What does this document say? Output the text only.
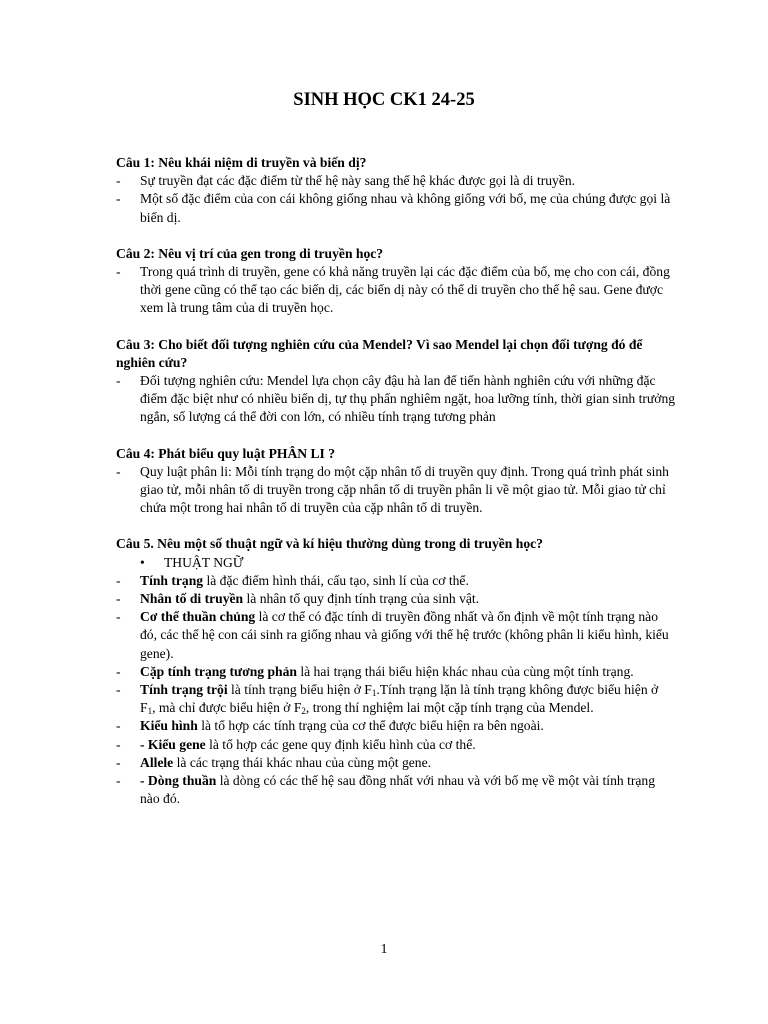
SINH HỌC CK1 24-25
Câu 1: Nêu khái niệm di truyền và biến dị?
- Sự truyền đạt các đặc điểm từ thế hệ này sang thế hệ khác được gọi là di truyền.
- Một số đặc điểm của con cái không giống nhau và không giống với bố, mẹ của chúng được gọi là biến dị.
Câu 2: Nêu vị trí của gen trong di truyền học?
- Trong quá trình di truyền, gene có khả năng truyền lại các đặc điểm của bố, mẹ cho con cái, đồng thời gene cũng có thể tạo các biến dị, các biến dị này có thể di truyền cho thế hệ sau. Gene được xem là trung tâm của di truyền học.
Câu 3: Cho biết đối tượng nghiên cứu của Mendel? Vì sao Mendel lại chọn đối tượng đó để nghiên cứu?
- Đối tượng nghiên cứu: Mendel lựa chọn cây đậu hà lan để tiến hành nghiên cứu với những đặc điểm đặc biệt như có nhiều biến dị, tự thụ phấn nghiêm ngặt, hoa lưỡng tính, thời gian sinh trưởng ngắn, số lượng cá thể đời con lớn, có nhiều tính trạng tương phản
Câu 4: Phát biểu quy luật PHÂN LI ?
- Quy luật phân li: Mỗi tính trạng do một cặp nhân tố di truyền quy định. Trong quá trình phát sinh giao tử, mỗi nhân tố di truyền trong cặp nhân tố di truyền phân li về một giao tử. Mỗi giao tử chỉ chứa một trong hai nhân tố di truyền của cặp nhân tố di truyền.
Câu 5. Nêu một số thuật ngữ và kí hiệu thường dùng trong di truyền học?
• THUẬT NGỮ
- Tính trạng là đặc điểm hình thái, cấu tạo, sinh lí của cơ thể.
- Nhân tố di truyền là nhân tố quy định tính trạng của sinh vật.
- Cơ thể thuần chủng là cơ thể có đặc tính di truyền đồng nhất và ổn định về một tính trạng nào đó, các thế hệ con cái sinh ra giống nhau và giống với thế hệ trước (không phân li kiểu hình, kiểu gene).
- Cặp tính trạng tương phản là hai trạng thái biểu hiện khác nhau của cùng một tính trạng.
- Tính trạng trội là tính trạng biểu hiện ở $F_1.Tính$ trạng lặn là tính trạng không được biểu hiện ở $F_1$, mà chỉ được biểu hiện ở $F_2$, trong thí nghiệm lai một cặp tính trạng của Mendel.
- Kiểu hình là tổ hợp các tính trạng của cơ thể được biểu hiện ra bên ngoài.
- - Kiểu gene là tổ hợp các gene quy định kiểu hình của cơ thể.
- Allele là các trạng thái khác nhau của cùng một gene.
- - Dòng thuần là dòng có các thế hệ sau đồng nhất với nhau và với bố mẹ về một vài tính trạng nào đó.
1
